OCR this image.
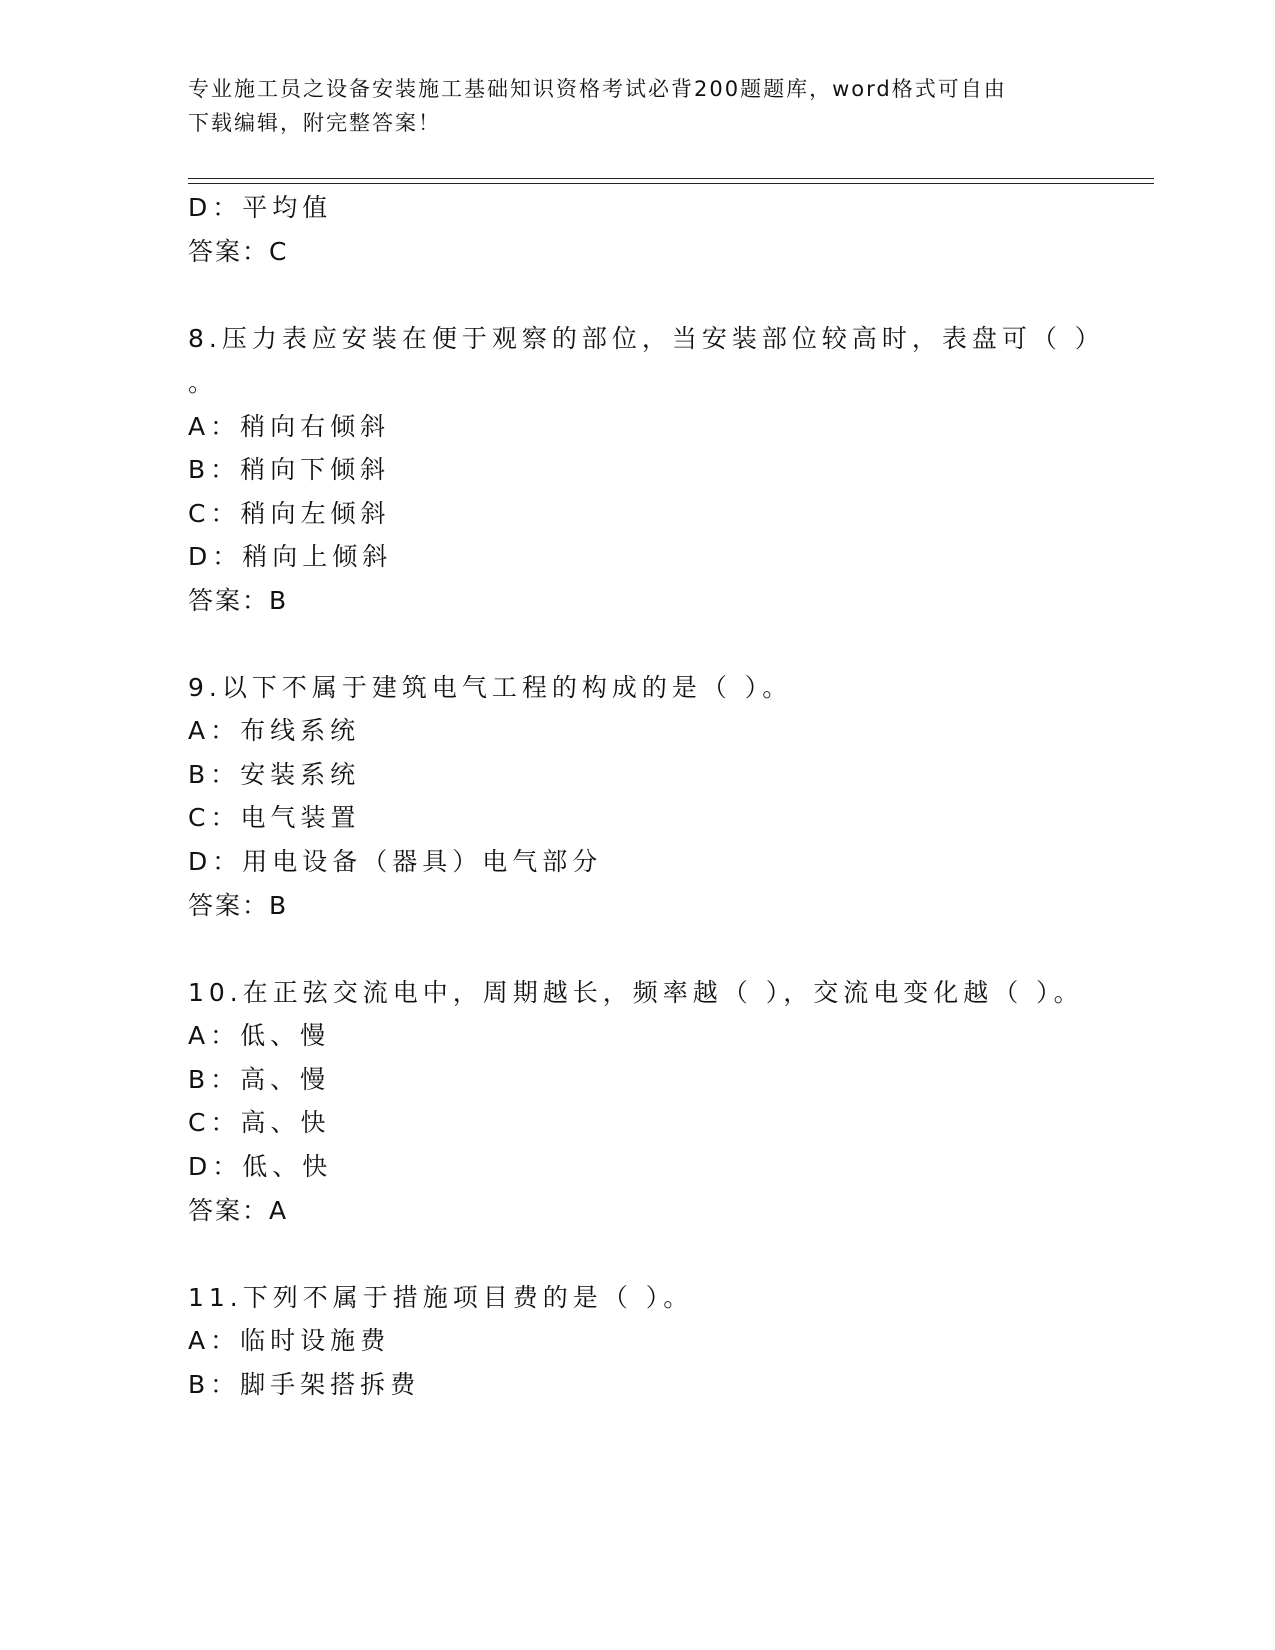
专业施工员之设备安装施工基础知识资格考试必背200题题库，word格式可自由
下载编辑，附完整答案！
D：平均值
答案：C
8.压力表应安装在便于观察的部位，当安装部位较高时，表盘可（ ）
。
A：稍向右倾斜
B：稍向下倾斜
C：稍向左倾斜
D：稍向上倾斜
答案：B
9.以下不属于建筑电气工程的构成的是（ ）。
A：布线系统
B：安装系统
C：电气装置
D：用电设备（器具）电气部分
答案：B
10.在正弦交流电中，周期越长，频率越（ ），交流电变化越（ ）。
A：低、慢
B：高、慢
C：高、快
D：低、快
答案：A
11.下列不属于措施项目费的是（ ）。
A：临时设施费
B：脚手架搭拆费
